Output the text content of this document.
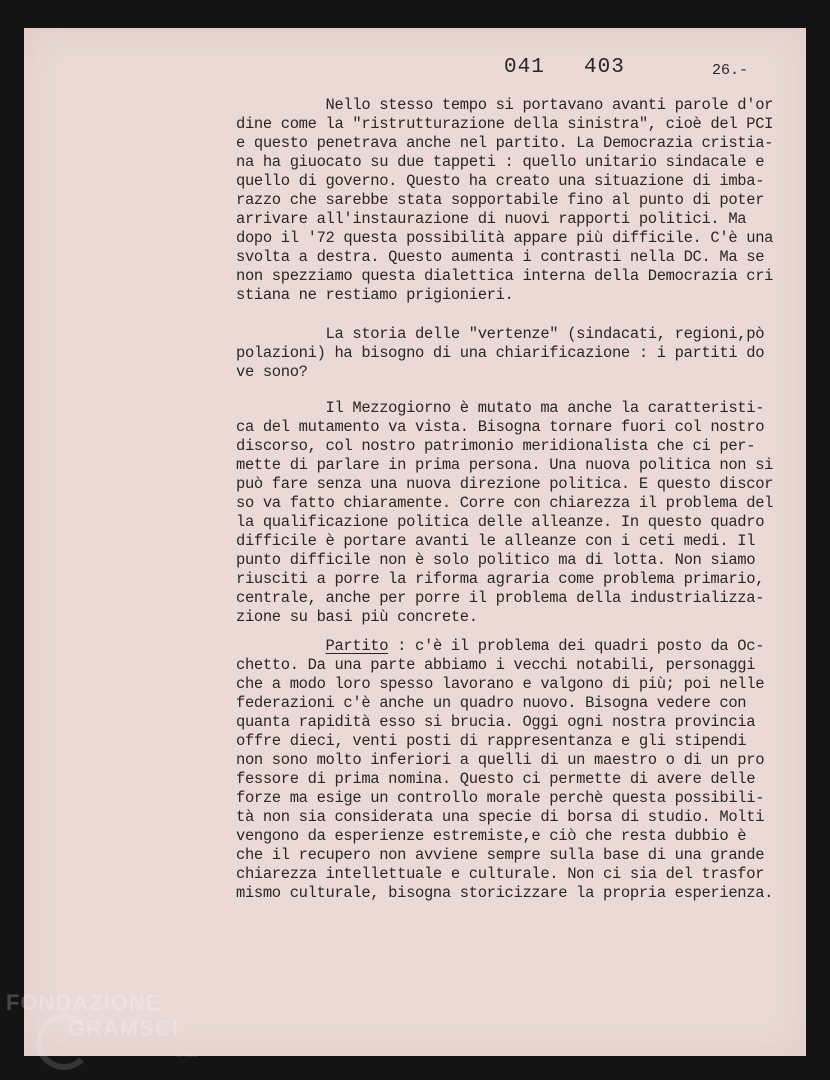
041 403	26.-
Nello stesso tempo si portavano avanti parole d'or
dine come la "ristrutturazione della sinistra", cioè del PCI
e questo penetrava anche nel partito. La Democrazia cristia-
na ha giuocato su due tappeti : quello unitario sindacale e
quello di governo. Questo ha creato una situazione di imba-
razzo che sarebbe stata sopportabile fino al punto di poter
arrivare all'instaurazione di nuovi rapporti politici. Ma
dopo il '72 questa possibilità appare più difficile. C'è una
svolta a destra. Questo aumenta i contrasti nella DC. Ma se
non spezziamo questa dialettica interna della Democrazia cri
stiana ne restiamo prigionieri.
La storia delle "vertenze" (sindacati, regioni,pò
polazioni) ha bisogno di una chiarificazione : i partiti do
ve sono?
Il Mezzogiorno è mutato ma anche la caratteristi-
ca del mutamento va vista. Bisogna tornare fuori col nostro
discorso, col nostro patrimonio meridionalista che ci per-
mette di parlare in prima persona. Una nuova politica non si
può fare senza una nuova direzione politica. E questo discor
so va fatto chiaramente. Corre con chiarezza il problema del
la qualificazione politica delle alleanze. In questo quadro
difficile è portare avanti le alleanze con i ceti medi. Il
punto difficile non è solo politico ma di lotta. Non siamo
riusciti a porre la riforma agraria come problema primario,
centrale, anche per porre il problema della industrializza-
zione su basi più concrete.
Partito : c'è il problema dei quadri posto da Oc-
chetto. Da una parte abbiamo i vecchi notabili, personaggi
che a modo loro spesso lavorano e valgono di più; poi nelle
federazioni c'è anche un quadro nuovo. Bisogna vedere con
quanta rapidità esso si brucia. Oggi ogni nostra provincia
offre dieci, venti posti di rappresentanza e gli stipendi
non sono molto inferiori a quelli di un maestro o di un pro
fessore di prima nomina. Questo ci permette di avere delle
forze ma esige un controllo morale perchè questa possibili-
tà non sia considerata una specie di borsa di studio. Molti
vengono da esperienze estremiste,e ciò che resta dubbio è
che il recupero non avviene sempre sulla base di una grande
chiarezza intellettuale e culturale. Non ci sia del trasfor
mismo culturale, bisogna storicizzare la propria esperienza.
FONDAZIONE
GRAMSCI
onlus
